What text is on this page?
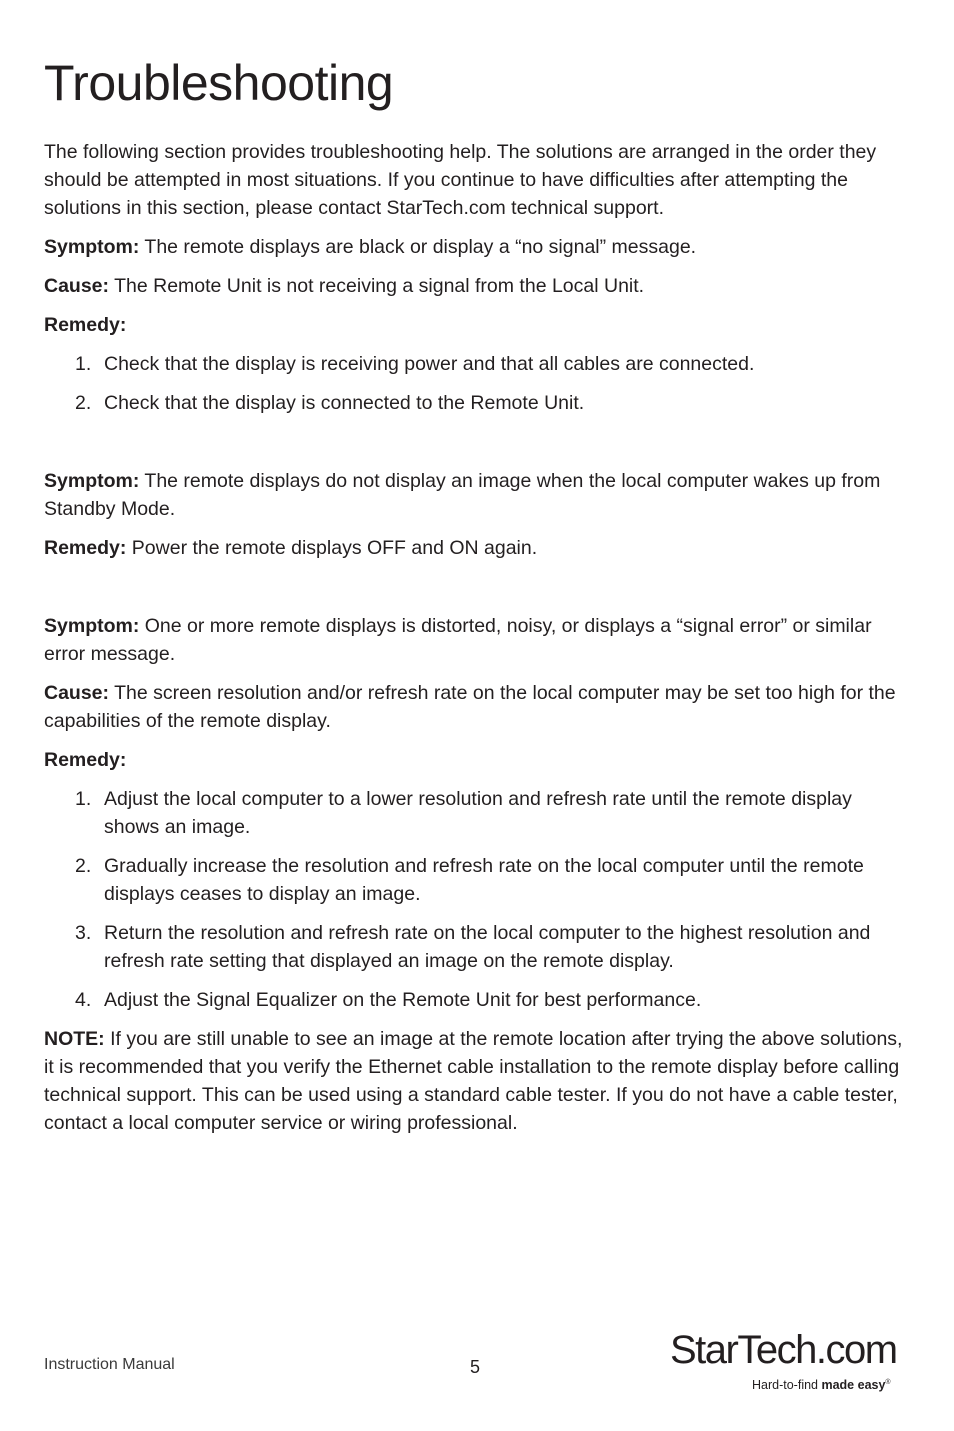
Troubleshooting

The following section provides troubleshooting help. The solutions are arranged in the order they should be attempted in most situations. If you continue to have difficulties after attempting the solutions in this section, please contact StarTech.com technical support.

Symptom: The remote displays are black or display a “no signal” message.

Cause: The Remote Unit is not receiving a signal from the Local Unit.

Remedy:

1. Check that the display is receiving power and that all cables are connected.
2. Check that the display is connected to the Remote Unit.

Symptom: The remote displays do not display an image when the local computer wakes up from Standby Mode.

Remedy: Power the remote displays OFF and ON again.

Symptom: One or more remote displays is distorted, noisy, or displays a “signal error” or similar error message.

Cause: The screen resolution and/or refresh rate on the local computer may be set too high for the capabilities of the remote display.

Remedy:

1. Adjust the local computer to a lower resolution and refresh rate until the remote display shows an image.
2. Gradually increase the resolution and refresh rate on the local computer until the remote displays ceases to display an image.
3. Return the resolution and refresh rate on the local computer to the highest resolution and refresh rate setting that displayed an image on the remote display.
4. Adjust the Signal Equalizer on the Remote Unit for best performance.

NOTE: If you are still unable to see an image at the remote location after trying the above solutions, it is recommended that you verify the Ethernet cable installation to the remote display before calling technical support. This can be used using a standard cable tester. If you do not have a cable tester, contact a local computer service or wiring professional.

Instruction Manual	5	StarTech.com
Hard-to-find made easy®
